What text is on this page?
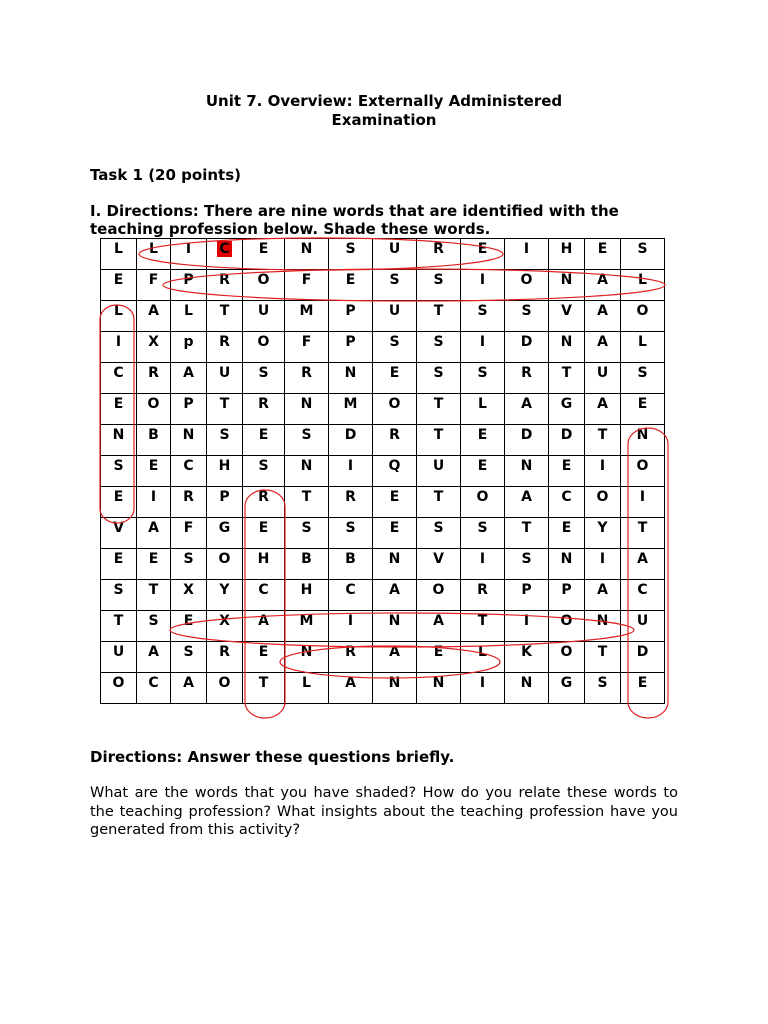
Unit 7. Overview: Externally Administered
Examination
Task 1 (20 points)
I. Directions: There are nine words that are identified with the teaching profession below. Shade these words.
L	L	I	C	E	N	S	U	R	E	I	H	E	S
E	F	P	R	O	F	E	S	S	I	O	N	A	L
L	A	L	T	U	M	P	U	T	S	S	V	A	O
I	X	p	R	O	F	P	S	S	I	D	N	A	L
C	R	A	U	S	R	N	E	S	S	R	T	U	S
E	O	P	T	R	N	M	O	T	L	A	G	A	E
N	B	N	S	E	S	D	R	T	E	D	D	T	N
S	E	C	H	S	N	I	Q	U	E	N	E	I	O
E	I	R	P	R	T	R	E	T	O	A	C	O	I
V	A	F	G	E	S	S	E	S	S	T	E	Y	T
E	E	S	O	H	B	B	N	V	I	S	N	I	A
S	T	X	Y	C	H	C	A	O	R	P	P	A	C
T	S	E	X	A	M	I	N	A	T	I	O	N	U
U	A	S	R	E	N	R	A	E	L	K	O	T	D
O	C	A	O	T	L	A	N	N	I	N	G	S	E
Directions: Answer these questions briefly.
What are the words that you have shaded? How do you relate these words to the teaching profession? What insights about the teaching profession have you generated from this activity?
